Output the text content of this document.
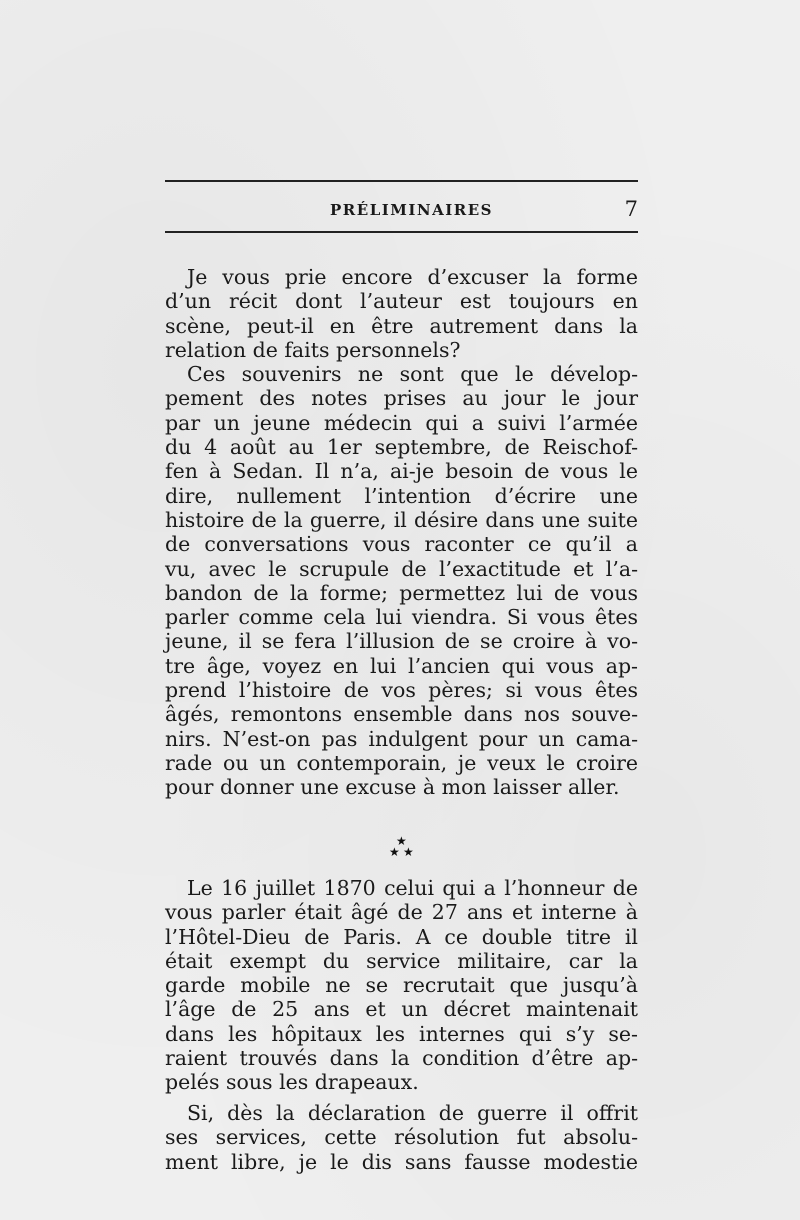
PRÉLIMINAIRES	7
Je vous prie encore d’excuser la forme
d’un récit dont l’auteur est toujours en
scène, peut-il en être autrement dans la
relation de faits personnels?
Ces souvenirs ne sont que le dévelop-
pement des notes prises au jour le jour
par un jeune médecin qui a suivi l’armée
du 4 août au 1er septembre, de Reischof-
fen à Sedan. Il n’a, ai-je besoin de vous le
dire, nullement l’intention d’écrire une
histoire de la guerre, il désire dans une suite
de conversations vous raconter ce qu’il a
vu, avec le scrupule de l’exactitude et l’a-
bandon de la forme; permettez lui de vous
parler comme cela lui viendra. Si vous êtes
jeune, il se fera l’illusion de se croire à vo-
tre âge, voyez en lui l’ancien qui vous ap-
prend l’histoire de vos pères; si vous êtes
âgés, remontons ensemble dans nos souve-
nirs. N’est-on pas indulgent pour un cama-
rade ou un contemporain, je veux le croire
pour donner une excuse à mon laisser aller.
★
★ ★
Le 16 juillet 1870 celui qui a l’honneur de
vous parler était âgé de 27 ans et interne à
l’Hôtel-Dieu de Paris. A ce double titre il
était exempt du service militaire, car la
garde mobile ne se recrutait que jusqu’à
l’âge de 25 ans et un décret maintenait
dans les hôpitaux les internes qui s’y se-
raient trouvés dans la condition d’être ap-
pelés sous les drapeaux.
Si, dès la déclaration de guerre il offrit
ses services, cette résolution fut absolu-
ment libre, je le dis sans fausse modestie
